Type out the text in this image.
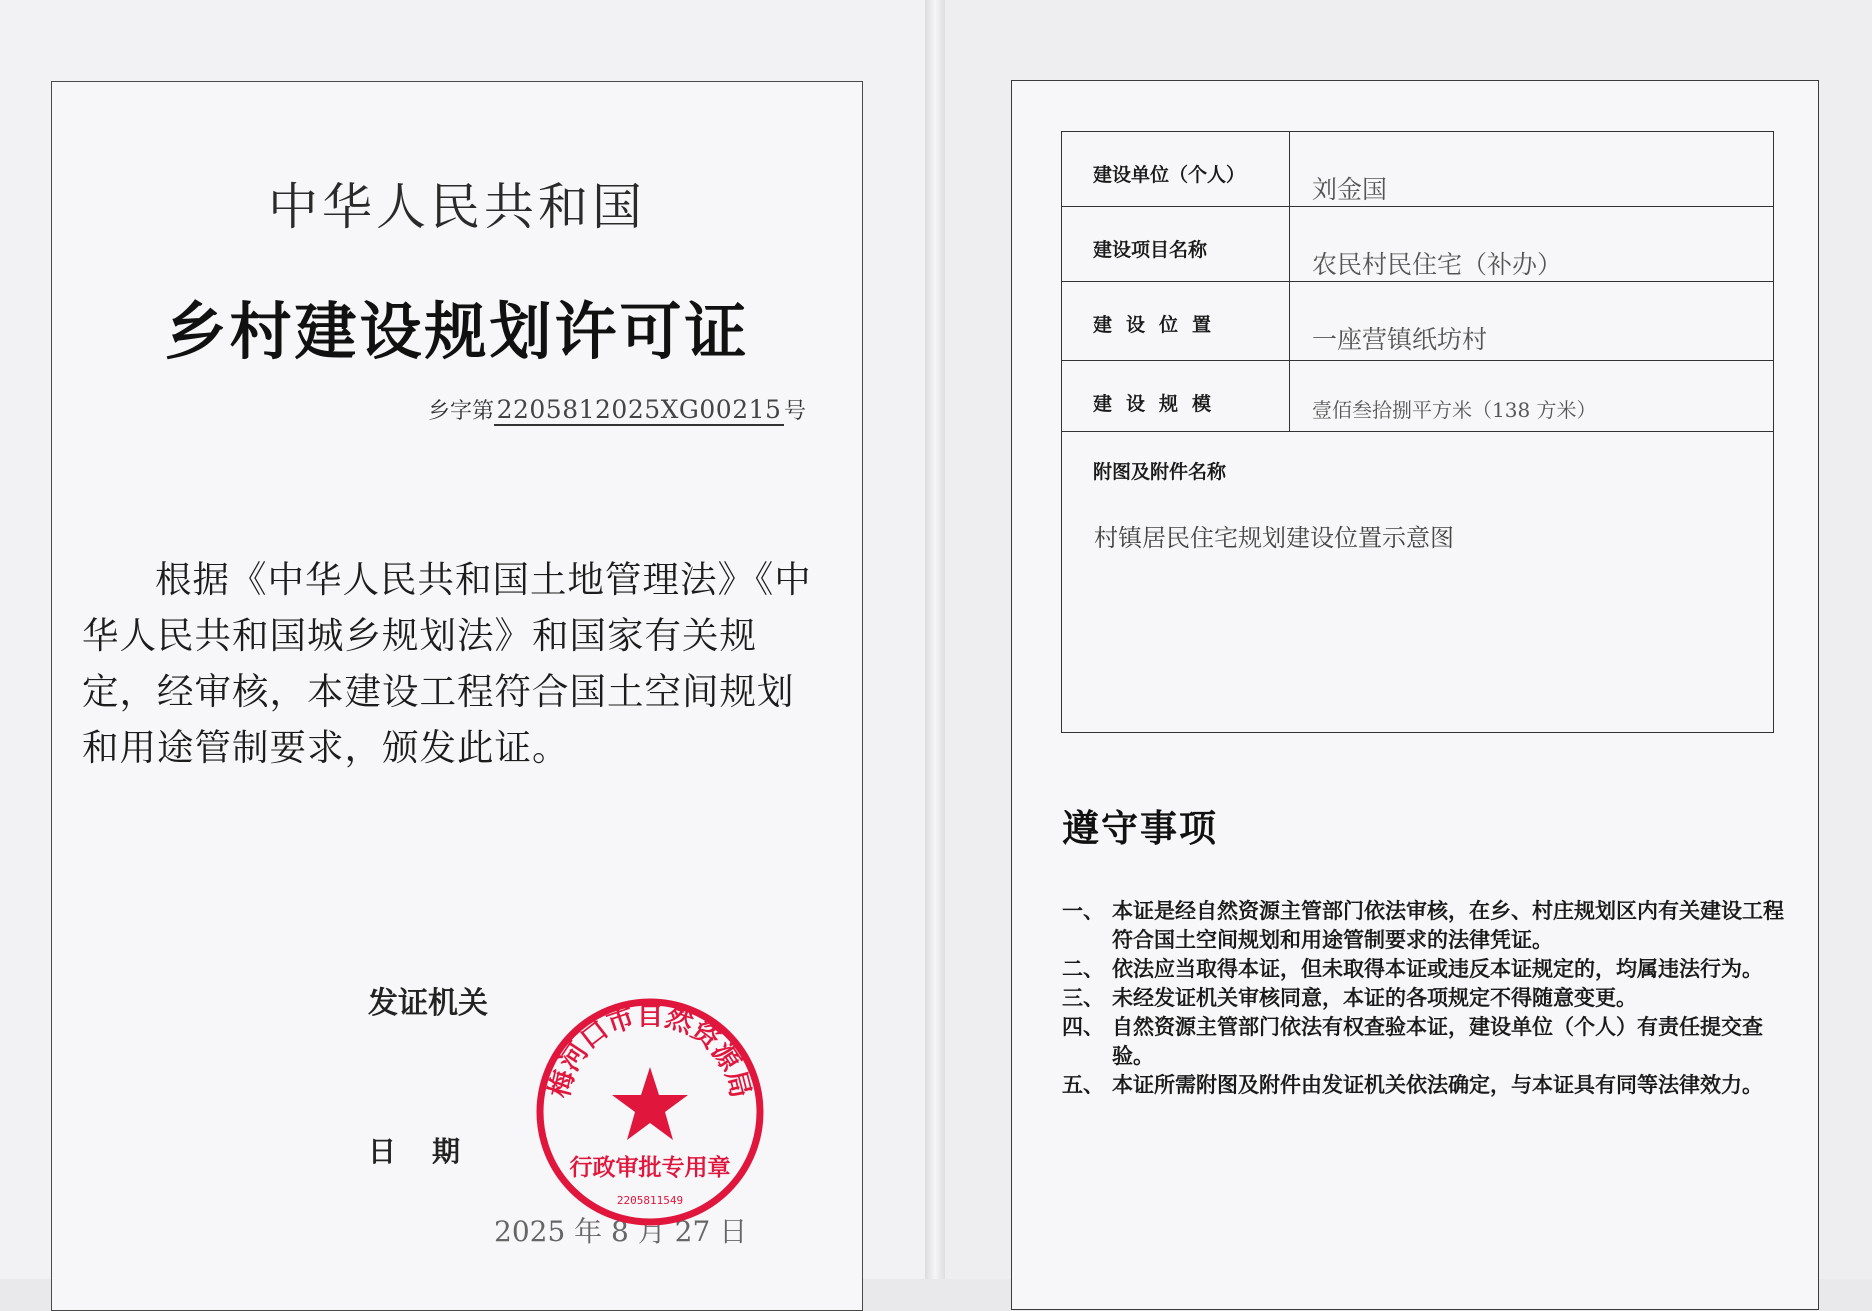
中华人民共和国
乡村建设规划许可证
乡字第 2205812025XG00215 号
根据《中华人民共和国土地管理法》《中华人民共和国城乡规划法》和国家有关规定，经审核，本建设工程符合国土空间规划和用途管制要求，颁发此证。
发证机关
日期
2025 年 8 月 27 日
梅河口市自然资源局
行政审批专用章
2205811549
建设单位（个人）	刘金国
建设项目名称	农民村民住宅（补办）
建设位置	一座营镇纸坊村
建设规模	壹佰叁拾捌平方米（138 方米）

附图及附件名称
村镇居民住宅规划建设位置示意图	
遵守事项
一、 本证是经自然资源主管部门依法审核，在乡、村庄规划区内有关建设工程符合国土空间规划和用途管制要求的法律凭证。
二、 依法应当取得本证，但未取得本证或违反本证规定的，均属违法行为。
三、 未经发证机关审核同意，本证的各项规定不得随意变更。
四、 自然资源主管部门依法有权查验本证，建设单位（个人）有责任提交查验。
五、 本证所需附图及附件由发证机关依法确定，与本证具有同等法律效力。
